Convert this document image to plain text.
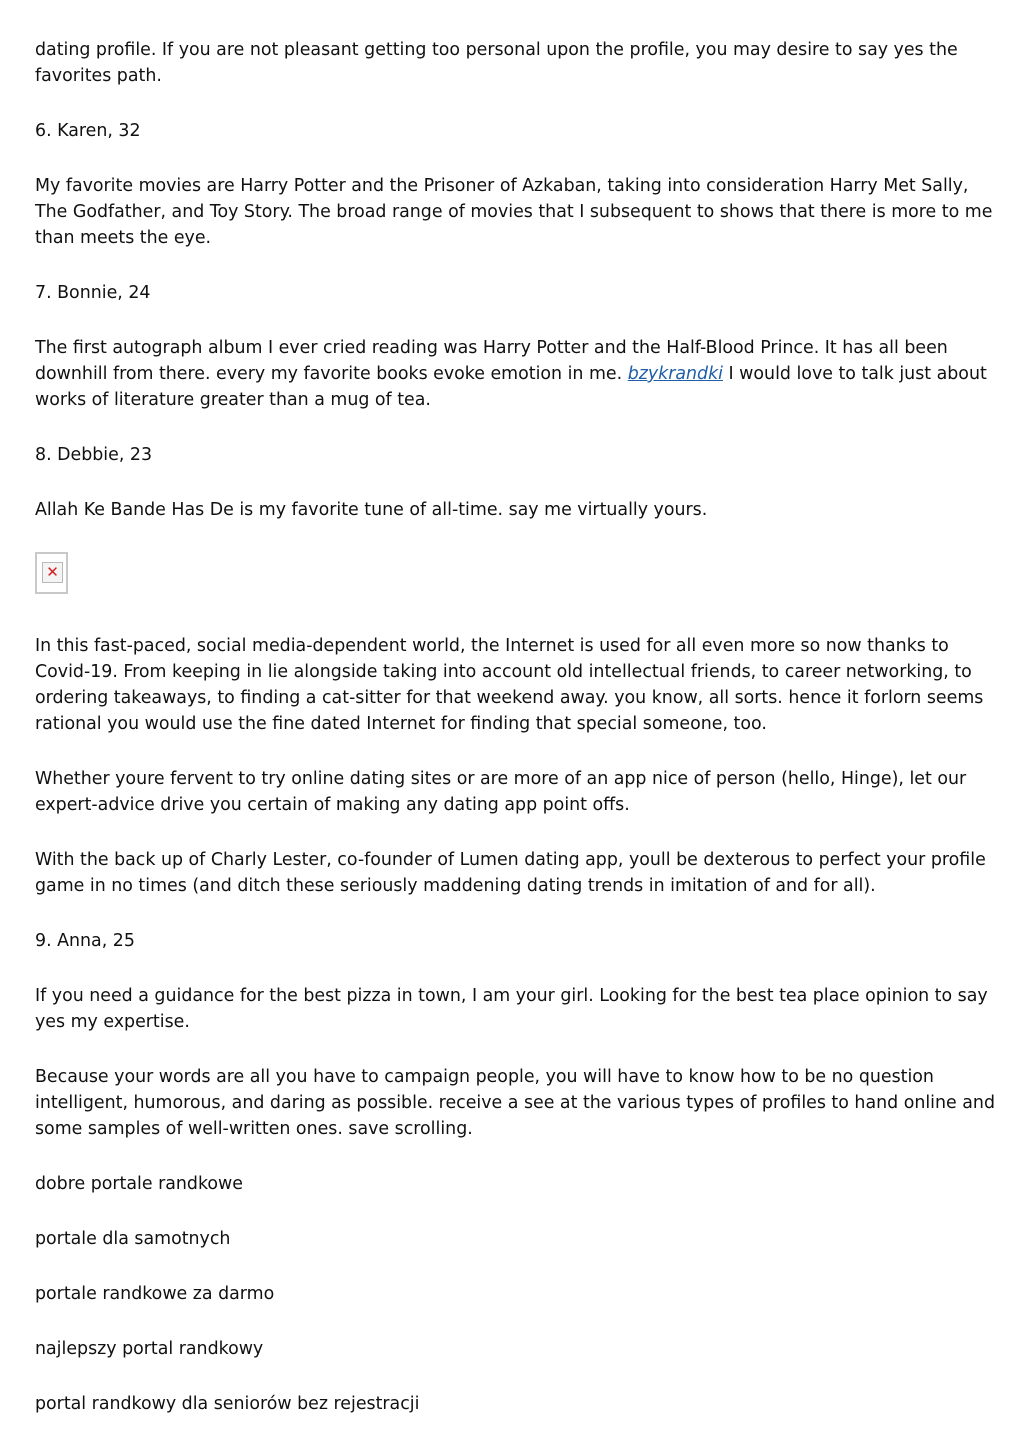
dating profile. If you are not pleasant getting too personal upon the profile, you may desire to say yes the favorites path.

6. Karen, 32

My favorite movies are Harry Potter and the Prisoner of Azkaban, taking into consideration Harry Met Sally, The Godfather, and Toy Story. The broad range of movies that I subsequent to shows that there is more to me than meets the eye.

7. Bonnie, 24

The first autograph album I ever cried reading was Harry Potter and the Half-Blood Prince. It has all been downhill from there. every my favorite books evoke emotion in me. bzykrandki I would love to talk just about works of literature greater than a mug of tea.

8. Debbie, 23

Allah Ke Bande Has De is my favorite tune of all-time. say me virtually yours.

✕

In this fast-paced, social media-dependent world, the Internet is used for all even more so now thanks to Covid-19. From keeping in lie alongside taking into account old intellectual friends, to career networking, to ordering takeaways, to finding a cat-sitter for that weekend away. you know, all sorts. hence it forlorn seems rational you would use the fine dated Internet for finding that special someone, too.

Whether youre fervent to try online dating sites or are more of an app nice of person (hello, Hinge), let our expert-advice drive you certain of making any dating app point offs.

With the back up of Charly Lester, co-founder of Lumen dating app, youll be dexterous to perfect your profile game in no times (and ditch these seriously maddening dating trends in imitation of and for all).

9. Anna, 25

If you need a guidance for the best pizza in town, I am your girl. Looking for the best tea place opinion to say yes my expertise.

Because your words are all you have to campaign people, you will have to know how to be no question intelligent, humorous, and daring as possible. receive a see at the various types of profiles to hand online and some samples of well-written ones. save scrolling.

dobre portale randkowe

portale dla samotnych

portale randkowe za darmo

najlepszy portal randkowy

portal randkowy dla seniorów bez rejestracji
